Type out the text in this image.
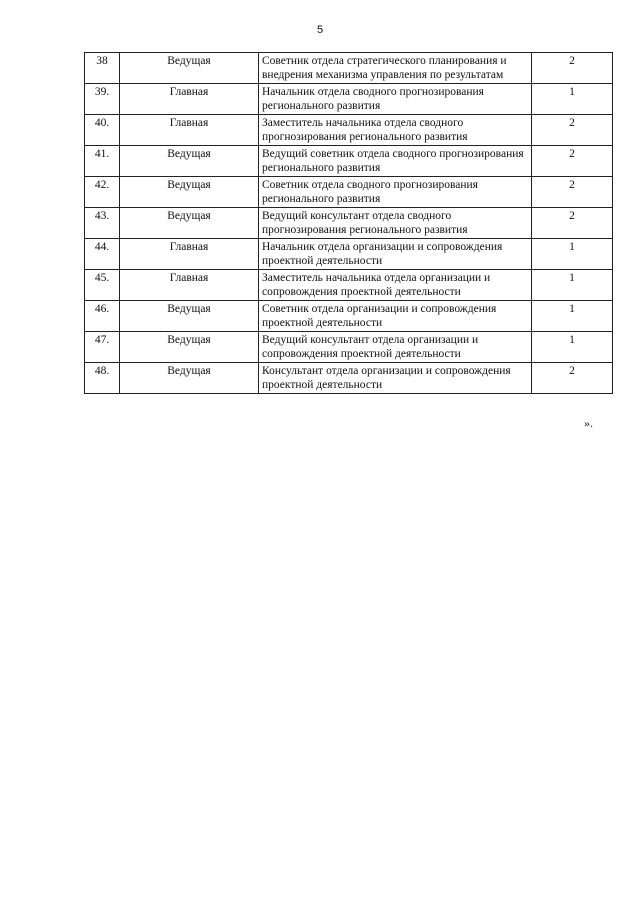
5
38	Ведущая	Советник отдела стратегического планирования и внедрения механизма управления по результатам	2
39.	Главная	Начальник отдела сводного прогнозирования регионального развития	1
40.	Главная	Заместитель начальника отдела сводного прогнозирования регионального развития	2
41.	Ведущая	Ведущий советник отдела сводного прогнозирования регионального развития	2
42.	Ведущая	Советник отдела сводного прогнозирования регионального развития	2
43.	Ведущая	Ведущий консультант отдела сводного прогнозирования регионального развития	2
44.	Главная	Начальник отдела организации и сопровождения проектной деятельности	1
45.	Главная	Заместитель начальника отдела организации и сопровождения проектной деятельности	1
46.	Ведущая	Советник отдела организации и сопровождения проектной деятельности	1
47.	Ведущая	Ведущий консультант отдела организации и сопровождения проектной деятельности	1
48.	Ведущая	Консультант отдела организации и сопровождения проектной деятельности	2
».
